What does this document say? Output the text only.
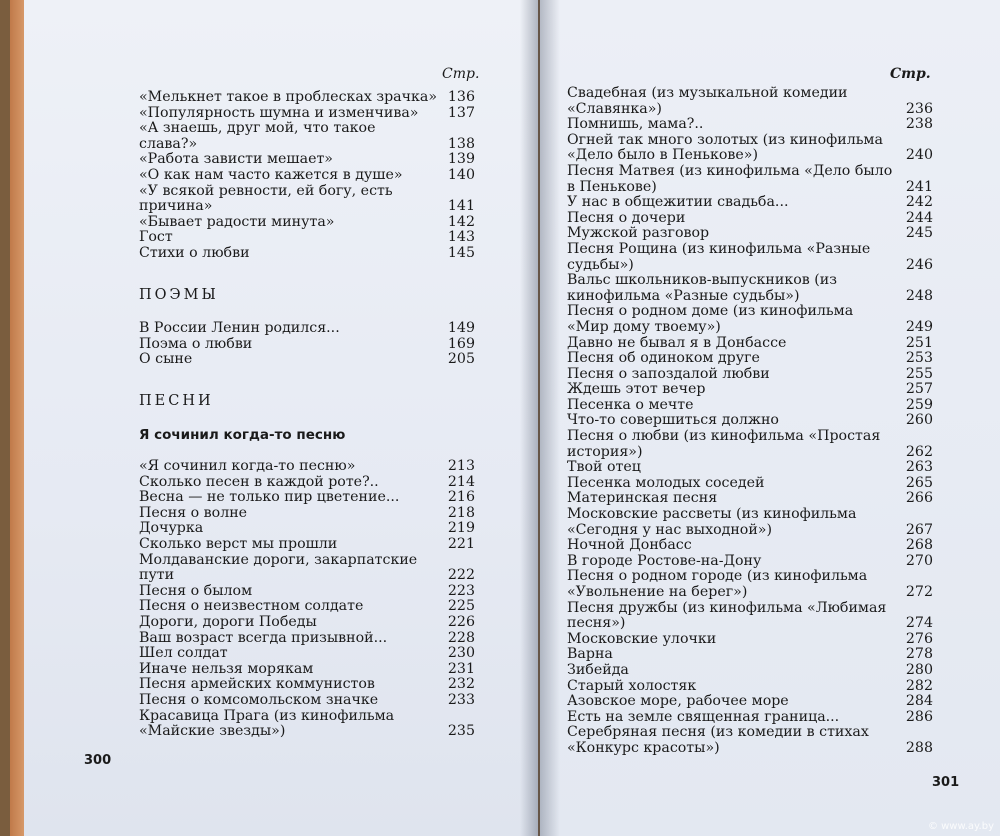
Стр.
«Мелькнет такое в проблесках зрачка» 136
«Популярность шумна и изменчива»	137
«А знаешь, друг мой, что такое слава?»	138
«Работа зависти мешает»	139
«О как нам часто кажется в душе»	140
«У всякой ревности, ей богу, есть причина»	141
«Бывает радости минута»	142
Гост	143
Стихи о любви	145
ПОЭМЫ
В России Ленин родился...	149
Поэма о любви	169
О сыне	205
ПЕСНИ
Я сочинил когда-то песню
«Я сочинил когда-то песню»	213
Сколько песен в каждой роте?..	214
Весна — не только пир цветение...	216
Песня о волне	218
Дочурка	219
Сколько верст мы прошли	221
Молдаванские дороги, закарпатские пути	222
Песня о былом	223
Песня о неизвестном солдате	225
Дороги, дороги Победы	226
Ваш возраст всегда призывной...	228
Шел солдат	230
Иначе нельзя морякам	231
Песня армейских коммунистов	232
Песня о комсомольском значке	233
Красавица Прага (из кинофильма «Майские звезды»)	235
300
Стр.
Свадебная (из музыкальной комедии «Славянка»)	236
Помнишь, мама?..	238
Огней так много золотых (из кинофильма «Дело было в Пенькове»)	240
Песня Матвея (из кинофильма «Дело было в Пенькове)	241
У нас в общежитии свадьба...	242
Песня о дочери	244
Мужской разговор	245
Песня Рощина (из кинофильма «Разные судьбы»)	246
Вальс школьников-выпускников (из кинофильма «Разные судьбы»)	248
Песня о родном доме (из кинофильма «Мир дому твоему»)	249
Давно не бывал я в Донбассе	251
Песня об одиноком друге	253
Песня о запоздалой любви	255
Ждешь этот вечер	257
Песенка о мечте	259
Что-то совершиться должно	260
Песня о любви (из кинофильма «Простая история»)	262
Твой отец	263
Песенка молодых соседей	265
Материнская песня	266
Московские рассветы (из кинофильма «Сегодня у нас выходной»)	267
Ночной Донбасс	268
В городе Ростове-на-Дону	270
Песня о родном городе (из кинофильма «Увольнение на берег»)	272
Песня дружбы (из кинофильма «Любимая песня»)	274
Московские улочки	276
Варна	278
Зибейда	280
Старый холостяк	282
Азовское море, рабочее море	284
Есть на земле священная граница...	286
Серебряная песня (из комедии в стихах «Конкурс красоты»)	288
301
© www.ay.by
